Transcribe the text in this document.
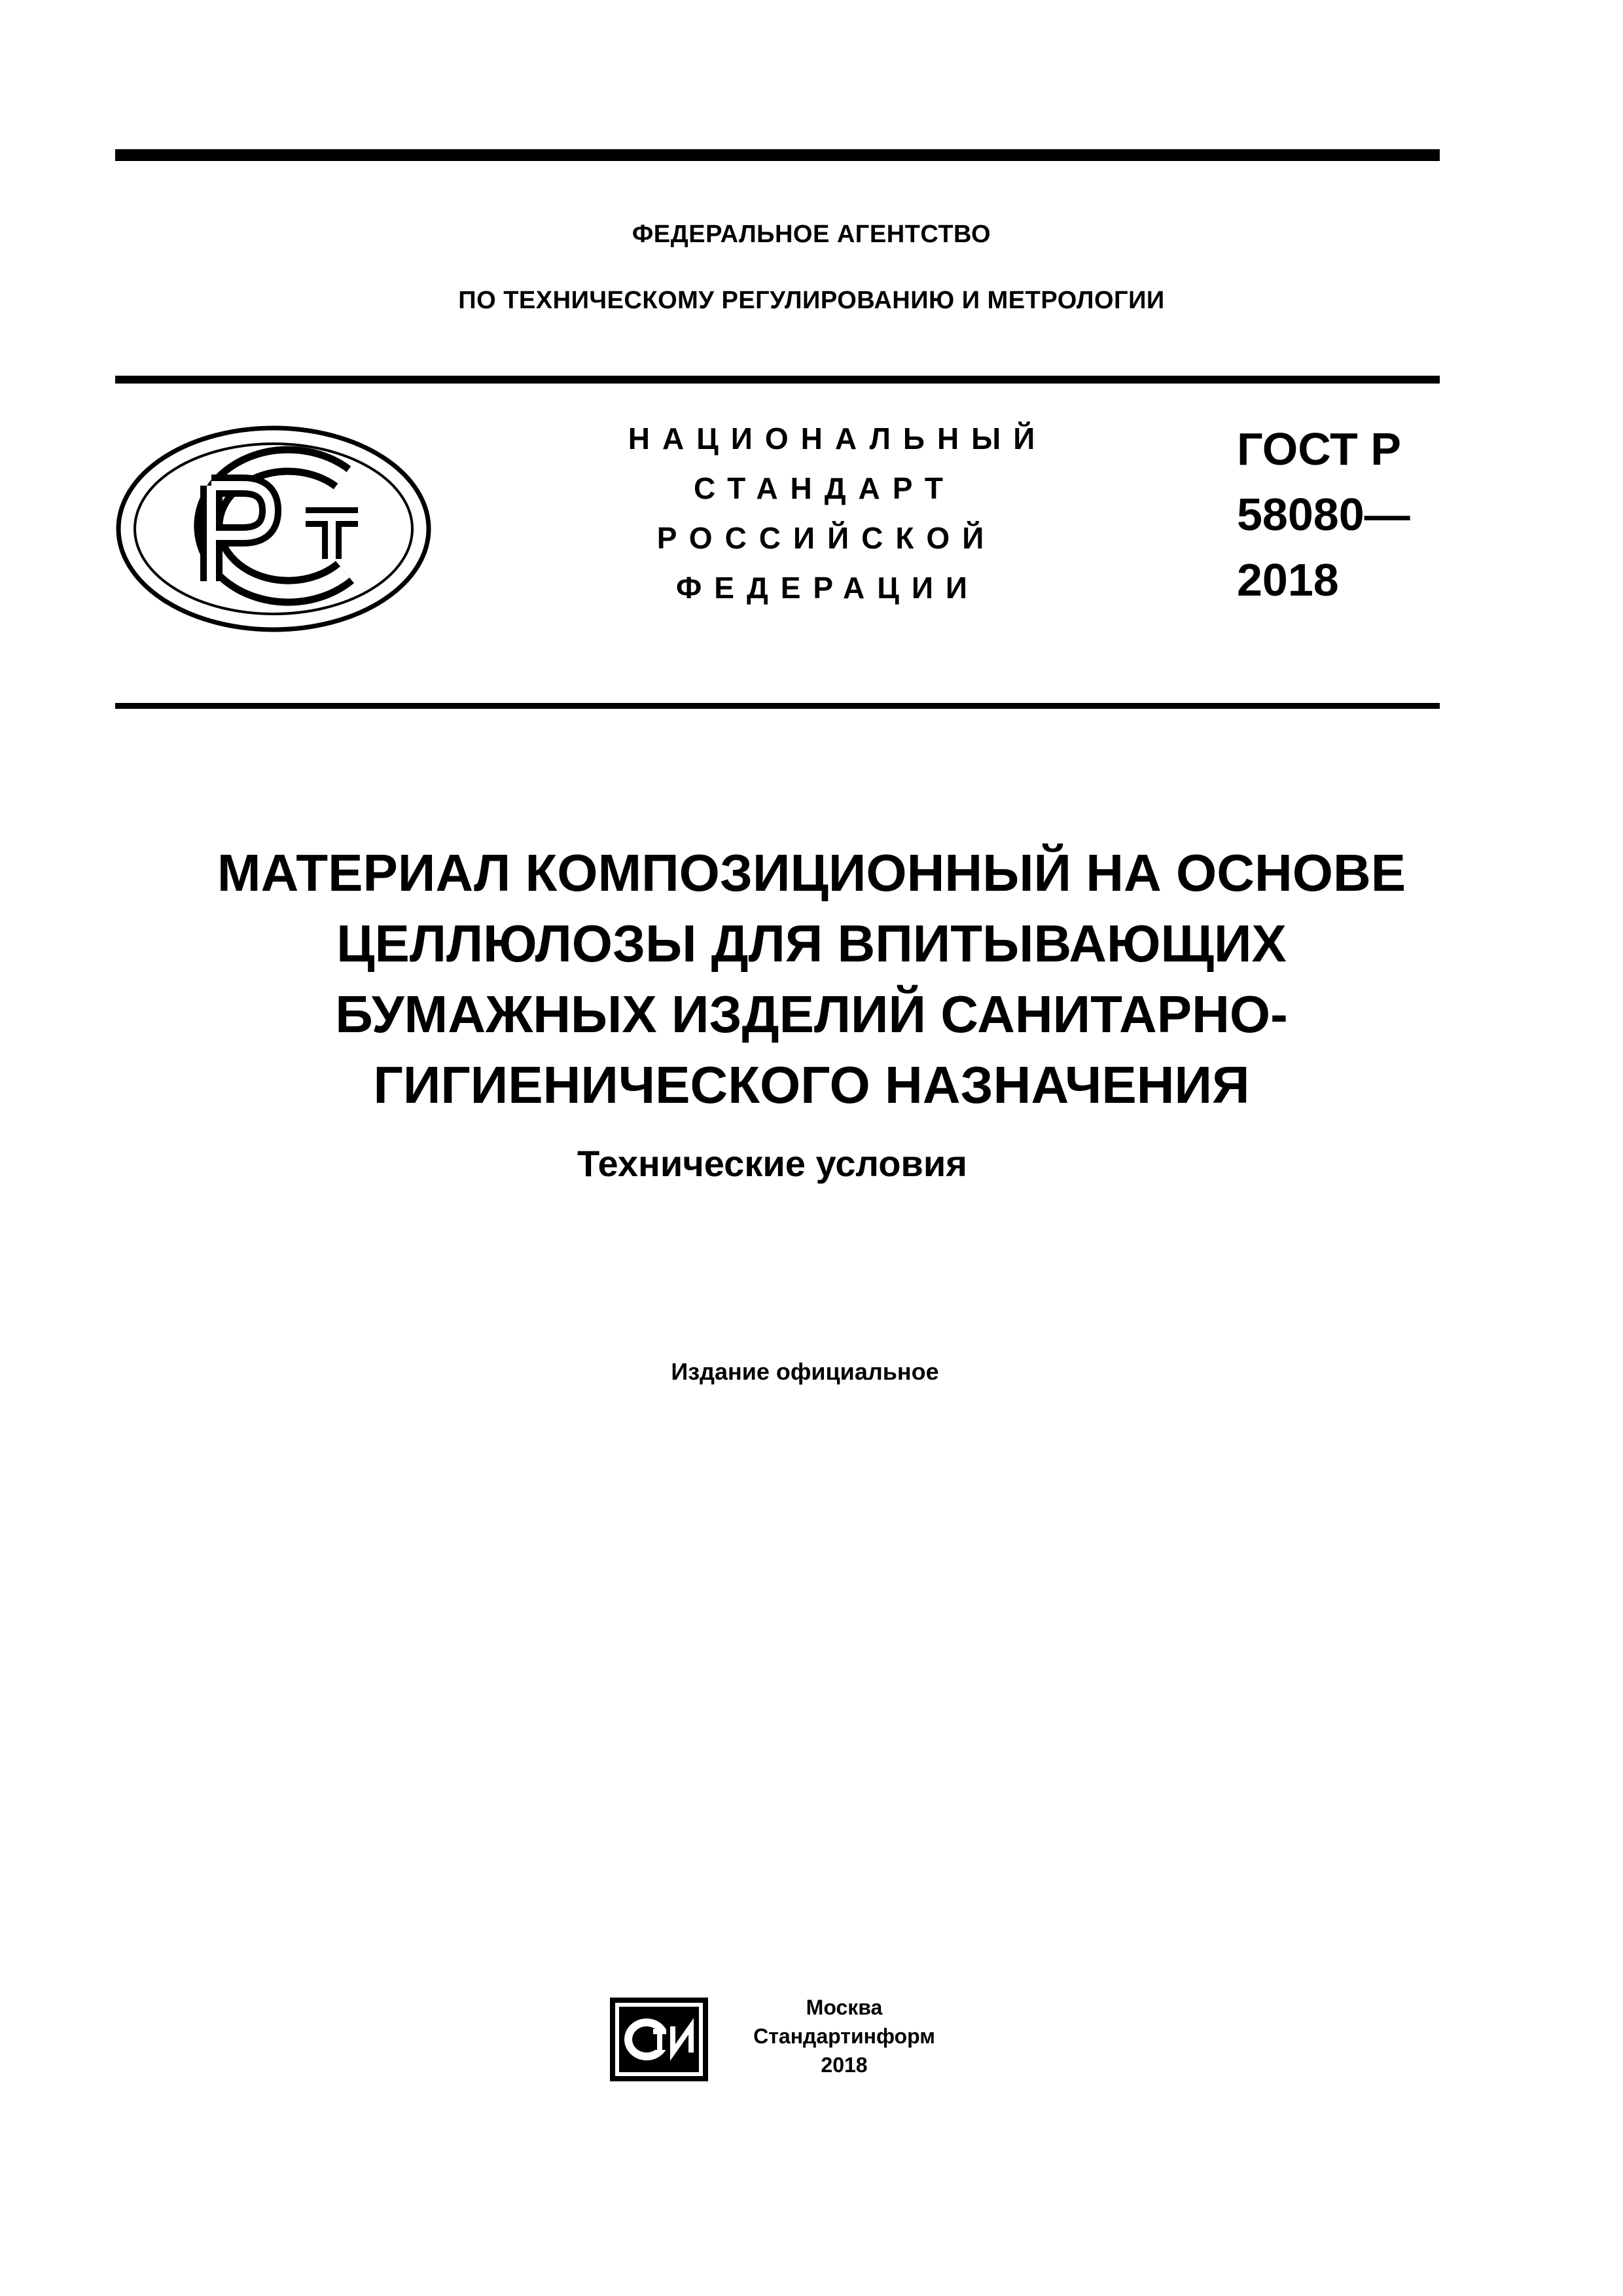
ФЕДЕРАЛЬНОЕ АГЕНТСТВО
ПО ТЕХНИЧЕСКОМУ РЕГУЛИРОВАНИЮ И МЕТРОЛОГИИ
НАЦИОНАЛЬНЫЙ
СТАНДАРТ
РОССИЙСКОЙ
ФЕДЕРАЦИИ
ГОСТ Р
58080—
2018
МАТЕРИАЛ КОМПОЗИЦИОННЫЙ НА ОСНОВЕ
ЦЕЛЛЮЛОЗЫ ДЛЯ ВПИТЫВАЮЩИХ
БУМАЖНЫХ ИЗДЕЛИЙ САНИТАРНО-
ГИГИЕНИЧЕСКОГО НАЗНАЧЕНИЯ
Технические условия
Издание официальное
Москва
Стандартинформ
2018
